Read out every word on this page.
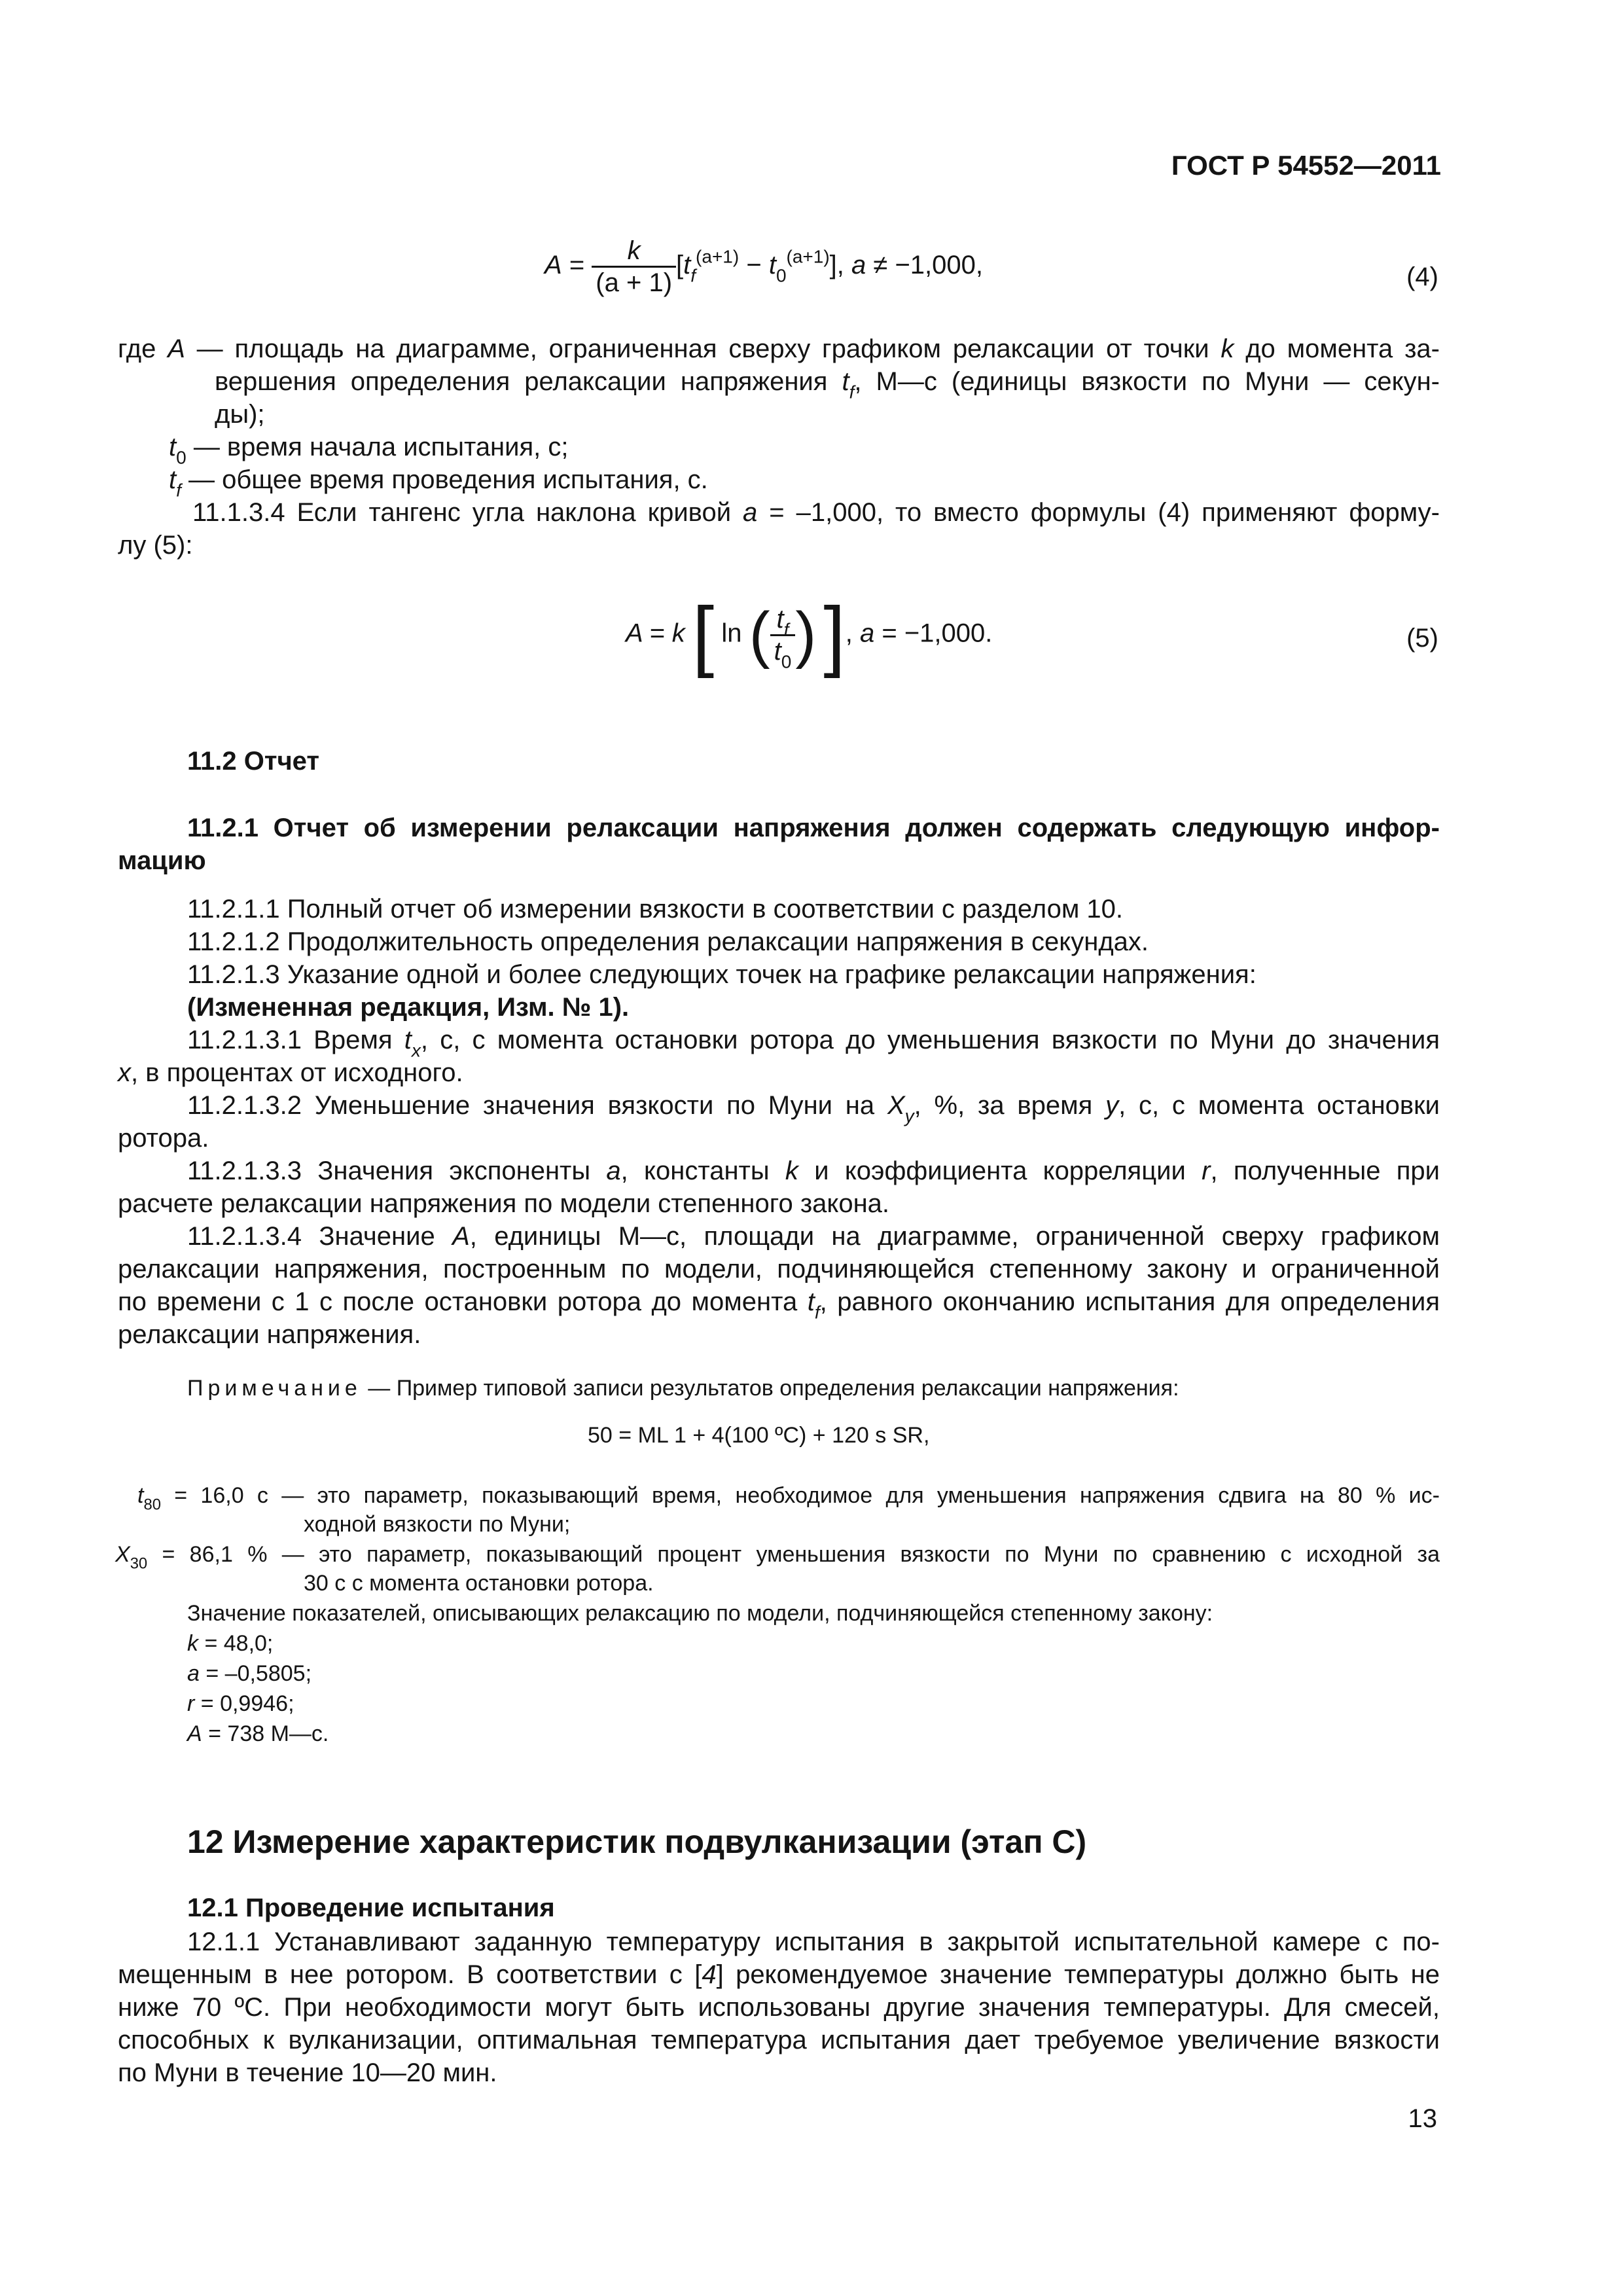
ГОСТ Р 54552—2011
$A = \frac{k}{(a + 1)} [t_f^{(a+1)} - t_0^{(a+1)}]$, a ≠ −1,000,	(4)
где A — площадь на диаграмме, ограниченная сверху графиком релаксации от точки k до момента за-
вершения определения релаксации напряжения $t_f$, М—с (единицы вязкости по Муни — секун-
ды);
$t_0$ — время начала испытания, с;
$t_f$ — общее время проведения испытания, с.
11.1.3.4 Если тангенс угла наклона кривой a = –1,000, то вместо формулы (4) применяют форму-
лу (5):
A = k [ ln ( $\frac{t_f}{t_0}$ ) ], a = −1,000.	(5)
11.2 Отчет
11.2.1 Отчет об измерении релаксации напряжения должен содержать следующую инфор-
мацию
11.2.1.1 Полный отчет об измерении вязкости в соответствии с разделом 10.
11.2.1.2 Продолжительность определения релаксации напряжения в секундах.
11.2.1.3 Указание одной и более следующих точек на графике релаксации напряжения:
(Измененная редакция, Изм. № 1).
11.2.1.3.1 Время $t_x$, с, с момента остановки ротора до уменьшения вязкости по Муни до значения
x, в процентах от исходного.
11.2.1.3.2 Уменьшение значения вязкости по Муни на $X_y$, %, за время y, с, с момента остановки
ротора.
11.2.1.3.3 Значения экспоненты a, константы k и коэффициента корреляции r, полученные при
расчете релаксации напряжения по модели степенного закона.
11.2.1.3.4 Значение A, единицы М—с, площади на диаграмме, ограниченной сверху графиком
релаксации напряжения, построенным по модели, подчиняющейся степенному закону и ограниченной
по времени с 1 с после остановки ротора до момента $t_f$, равного окончанию испытания для определения
релаксации напряжения.
Примечание — Пример типовой записи результатов определения релаксации напряжения:
50 = ML 1 + 4(100 ºC) + 120 s SR,
$t_{80} = 16,0$ с — это параметр, показывающий время, необходимое для уменьшения напряжения сдвига на 80 % ис-
ходной вязкости по Муни;
$X_{30} = 86,1$ % — это параметр, показывающий процент уменьшения вязкости по Муни по сравнению с исходной за
30 с с момента остановки ротора.
Значение показателей, описывающих релаксацию по модели, подчиняющейся степенному закону:
k = 48,0;
a = –0,5805;
r = 0,9946;
A = 738 М—с.
12 Измерение характеристик подвулканизации (этап С)
12.1 Проведение испытания
12.1.1 Устанавливают заданную температуру испытания в закрытой испытательной камере с по-
мещенным в нее ротором. В соответствии с [4] рекомендуемое значение температуры должно быть не
ниже 70 ºC. При необходимости могут быть использованы другие значения температуры. Для смесей,
способных к вулканизации, оптимальная температура испытания дает требуемое увеличение вязкости
по Муни в течение 10—20 мин.
13
